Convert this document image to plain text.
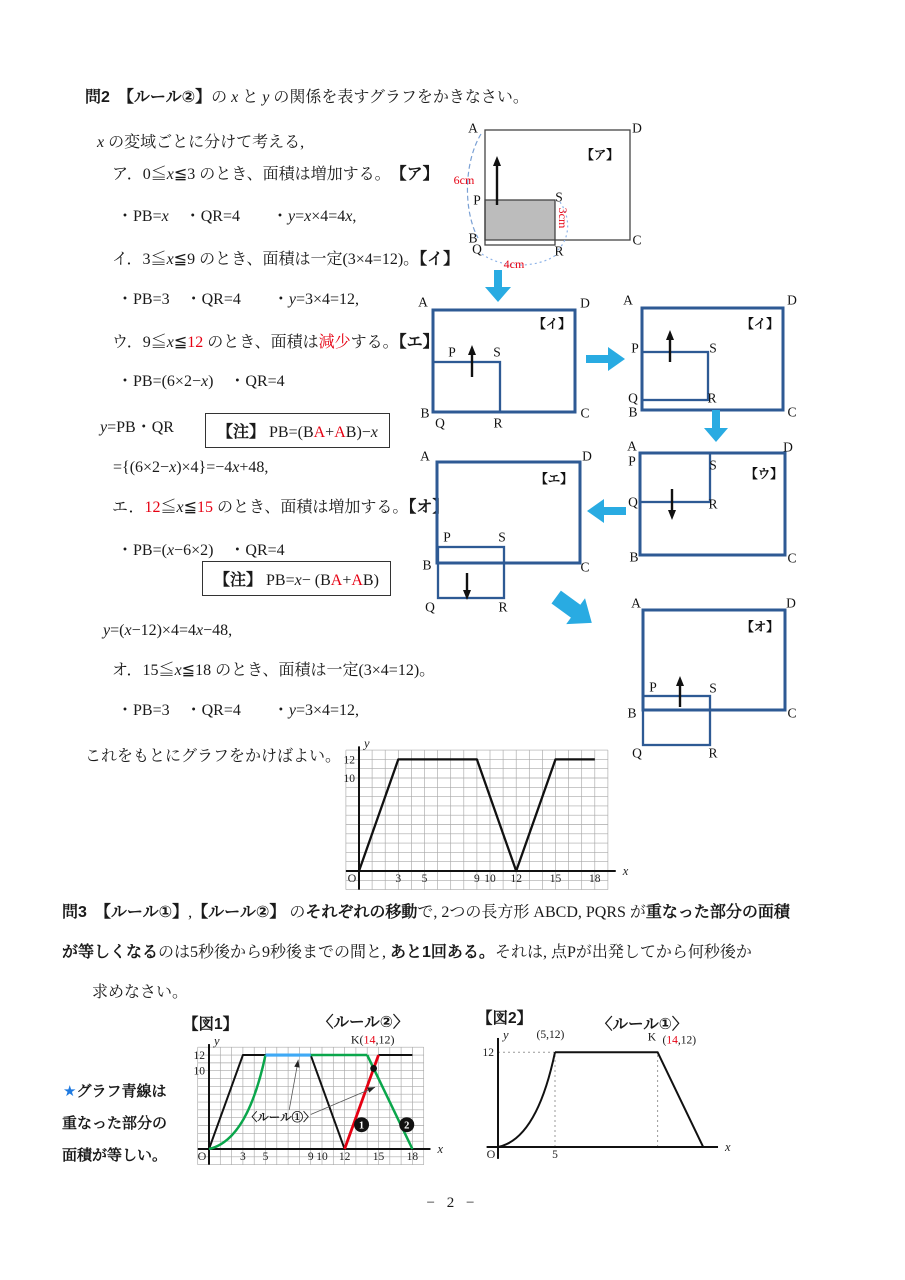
問2　 【ルール②】の x と y の関係を表すグラフをかきなさい。
x の変域ごとに分けて考える,
ア．0≦x≦3 のとき、面積は増加する。　【ア】
・PB=x　・QR=4　　・y=x×4=4x,
イ．3≦x≦9 のとき、面積は一定(3×4=12)。【イ】
・PB=3　・QR=4　　・y=3×4=12,
ウ．9≦x≦12 のとき、面積は減少する。【エ】
・PB=(6×2−x)　・QR=4
y=PB・QR	【注】 PB=(BA+AB)−x
={(6×2−x)×4}=−4x+48,
エ．12≦x≦15 のとき、面積は増加する。【オ】
・PB=(x−6×2)　・QR=4
【注】 PB=x− (BA+AB)
y=(x−12)×4=4x−48,
オ．15≦x≦18 のとき、面積は一定(3×4=12)。
・PB=3　・QR=4　　・y=3×4=12,
これをもとにグラフをかけばよい。
A	D
B	C
P
Q
S
R
【ア】
6cm
3cm
4cm
A	D
B	C
P	S
Q	R
【イ】
A	D
B	C
P	S
Q	R
【イ】
A	D
P	S
Q	R
B	C
【ウ】
A	D
P	S
B	C
Q	R
【エ】
A	D
P	S
B	C
Q	R
【オ】
3 5	9 10 12 15 18
12
10
O	x
y
問3　 【ルール①】,【ルール②】 のそれぞれの移動で, 2つの長方形 ABCD, PQRS が重なった部分の面積
が等しくなるのは5秒後から9秒後までの間と, あと1回ある。それは, 点Pが出発してから何秒後か
求めなさい。
【図1】	〈ルール②〉
1	2
K(14,12)
〈ルール①〉
3 5	9 10 12 15 18
12
10
O	x
y
★グラフ青線は
重なった部分の
面積が等しい。
【図2】	〈ルール①〉
(5,12)	K (14,12)
5
12
O	x
y
− 2 −
